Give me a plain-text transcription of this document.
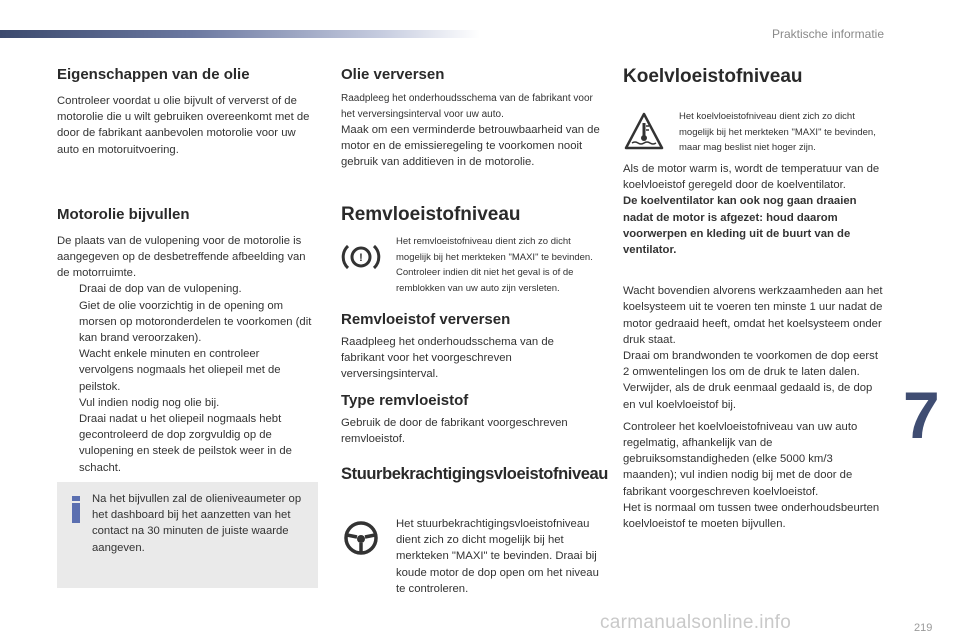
Praktische informatie
7
219
carmanualsonline.info
Eigenschappen van de olie
Controleer voordat u olie bijvult of ververst of de motorolie die u wilt gebruiken overeenkomt met de door de fabrikant aanbevolen motorolie voor uw auto en motoruitvoering.
Motorolie bijvullen
De plaats van de vulopening voor de motorolie is aangegeven op de desbetreffende afbeelding van de motorruimte.
Draai de dop van de vulopening.
Giet de olie voorzichtig in de opening om morsen op motoronderdelen te voorkomen (dit kan brand veroorzaken).
Wacht enkele minuten en controleer vervolgens nogmaals het oliepeil met de peilstok.
Vul indien nodig nog olie bij.
Draai nadat u het oliepeil nogmaals hebt gecontroleerd de dop zorgvuldig op de vulopening en steek de peilstok weer in de schacht.
Na het bijvullen zal de olieniveaumeter op het dashboard bij het aanzetten van het contact na 30 minuten de juiste waarde aangeven.
Olie verversen
Raadpleeg het onderhoudsschema van de fabrikant voor het verversingsinterval voor uw auto.
Maak om een verminderde betrouwbaarheid van de motor en de emissieregeling te voorkomen nooit gebruik van additieven in de motorolie.
Remvloeistofniveau
!
Het remvloeistofniveau dient zich zo dicht mogelijk bij het merkteken "MAXI" te bevinden. Controleer indien dit niet het geval is of de remblokken van uw auto zijn versleten.
Remvloeistof verversen
Raadpleeg het onderhoudsschema van de fabrikant voor het voorgeschreven verversingsinterval.
Type remvloeistof
Gebruik de door de fabrikant voorgeschreven remvloeistof.
Stuurbekrachtigingsvloeistofniveau
Het stuurbekrachtigingsvloeistofniveau dient zich zo dicht mogelijk bij het merkteken "MAXI" te bevinden. Draai bij koude motor de dop open om het niveau te controleren.
Koelvloeistofniveau
Het koelvloeistofniveau dient zich zo dicht mogelijk bij het merkteken "MAXI" te bevinden, maar mag beslist niet hoger zijn.
Als de motor warm is, wordt de temperatuur van de koelvloeistof geregeld door de koelventilator.
De koelventilator kan ook nog gaan draaien nadat de motor is afgezet: houd daarom voorwerpen en kleding uit de buurt van de ventilator.
Wacht bovendien alvorens werkzaamheden aan het koelsysteem uit te voeren ten minste 1 uur nadat de motor gedraaid heeft, omdat het koelsysteem onder druk staat.
Draai om brandwonden te voorkomen de dop eerst 2 omwentelingen los om de druk te laten dalen. Verwijder, als de druk eenmaal gedaald is, de dop en vul koelvloeistof bij.
Controleer het koelvloeistofniveau van uw auto regelmatig, afhankelijk van de gebruiksomstandigheden (elke 5000 km/3 maanden); vul indien nodig bij met de door de fabrikant voorgeschreven koelvloeistof.
Het is normaal om tussen twee onderhoudsbeurten koelvloeistof te moeten bijvullen.
